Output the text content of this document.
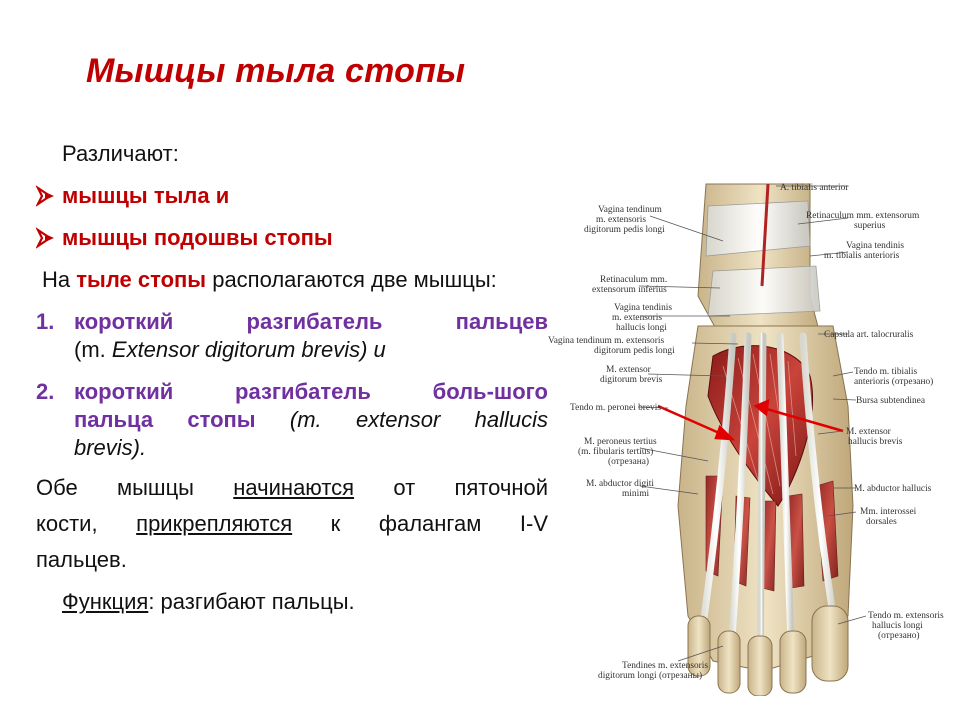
Мышцы тыла стопы

Различают:

мышцы тыла и
мышцы подошвы стопы

На тыле стопы располагаются две мышцы:

1. короткий разгибатель пальцев
(m. Extensor digitorum brevis) и
2. короткий разгибатель боль-шого
пальца стопы (m. extensor hallucis
brevis).
Обе мышцы начинаются от пяточной
кости, прикрепляются к фалангам I-V
пальцев.

Функция: разгибают пальцы.

Vagina tendinum m. extensoris digitorum pedis longi
Retinaculum mm. extensorum inferius
Vagina tendinis m. extensoris hallucis longi
Vagina tendinum m. extensoris digitorum pedis longi
M. extensor digitorum brevis
Tendo m. peronei brevis
M. peroneus tertius (m. fibularis tertius) (отрезана)
M. abductor digiti minimi
Tendines m. extensoris digitorum longi (отрезаны)
A. tibialis anterior
Retinaculum mm. extensorum superius
Vagina tendinis m. tibialis anterioris
Capsula art. talocruralis
Tendo m. tibialis anterioris (отрезано)
Bursa subtendinea
M. extensor hallucis brevis
M. abductor hallucis
Mm. interossei dorsales
Tendo m. extensoris hallucis longi (отрезано)
